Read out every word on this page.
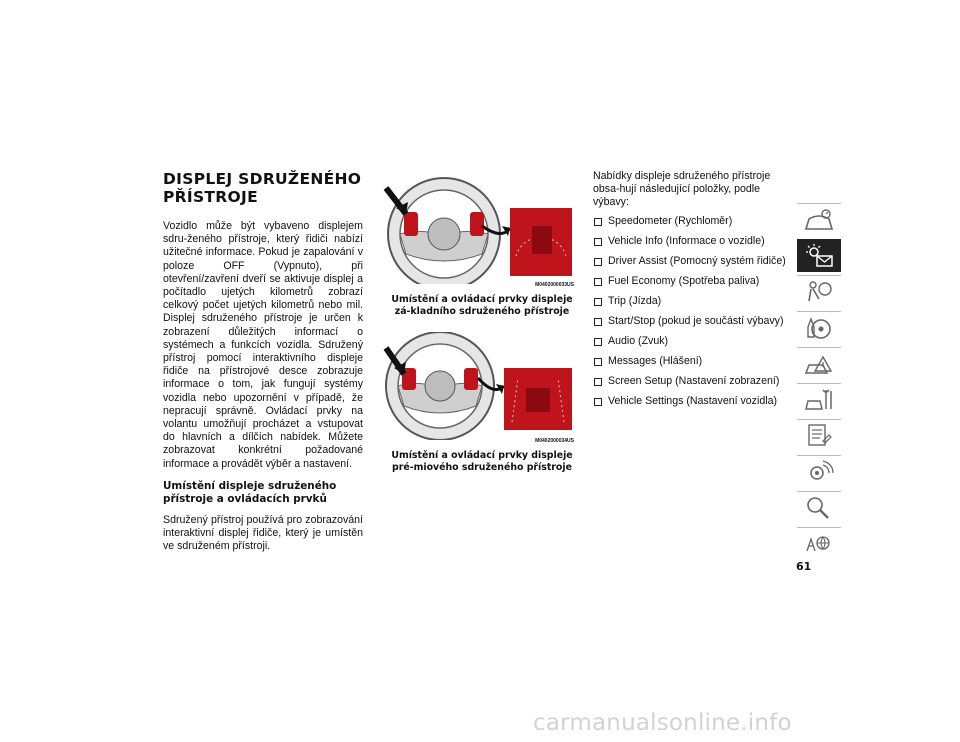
DISPLEJ SDRUŽENÉHO PŘÍSTROJE

Vozidlo může být vybaveno displejem sdru-ženého přístroje, který řidiči nabízí užitečné informace. Pokud je zapalování v poloze OFF (Vypnuto), při otevření/zavření dveří se aktivuje displej a počítadlo ujetých kilometrů zobrazí celkový počet ujetých kilometrů nebo mil. Displej sdruženého přístroje je určen k zobrazení důležitých informací o systémech a funkcích vozidla. Sdružený přístroj pomocí interaktivního displeje řidiče na přístrojové desce zobrazuje informace o tom, jak fungují systémy vozidla nebo upozornění v případě, že nepracují správně. Ovládací prvky na volantu umožňují procházet a vstupovat do hlavních a dílčích nabídek. Můžete zobrazovat konkrétní požadované informace a provádět výběr a nastavení.

Umístění displeje sdruženého přístroje a ovládacích prvků

Sdružený přístroj používá pro zobrazování interaktivní displej řidiče, který je umístěn ve sdruženém přístroji.

M0402000033US
Umístění a ovládací prvky displeje zá-kladního sdruženého přístroje
M0402000034US
Umístění a ovládací prvky displeje pré-miového sdruženého přístroje

Nabídky displeje sdruženého přístroje obsa-hují následující položky, podle výbavy:

Speedometer (Rychloměr)
Vehicle Info (Informace o vozidle)
Driver Assist (Pomocný systém řidiče)
Fuel Economy (Spotřeba paliva)
Trip (Jízda)
Start/Stop (pokud je součástí výbavy)
Audio (Zvuk)
Messages (Hlášení)
Screen Setup (Nastavení zobrazení)
Vehicle Settings (Nastavení vozidla)
61
carmanualsonline.info
